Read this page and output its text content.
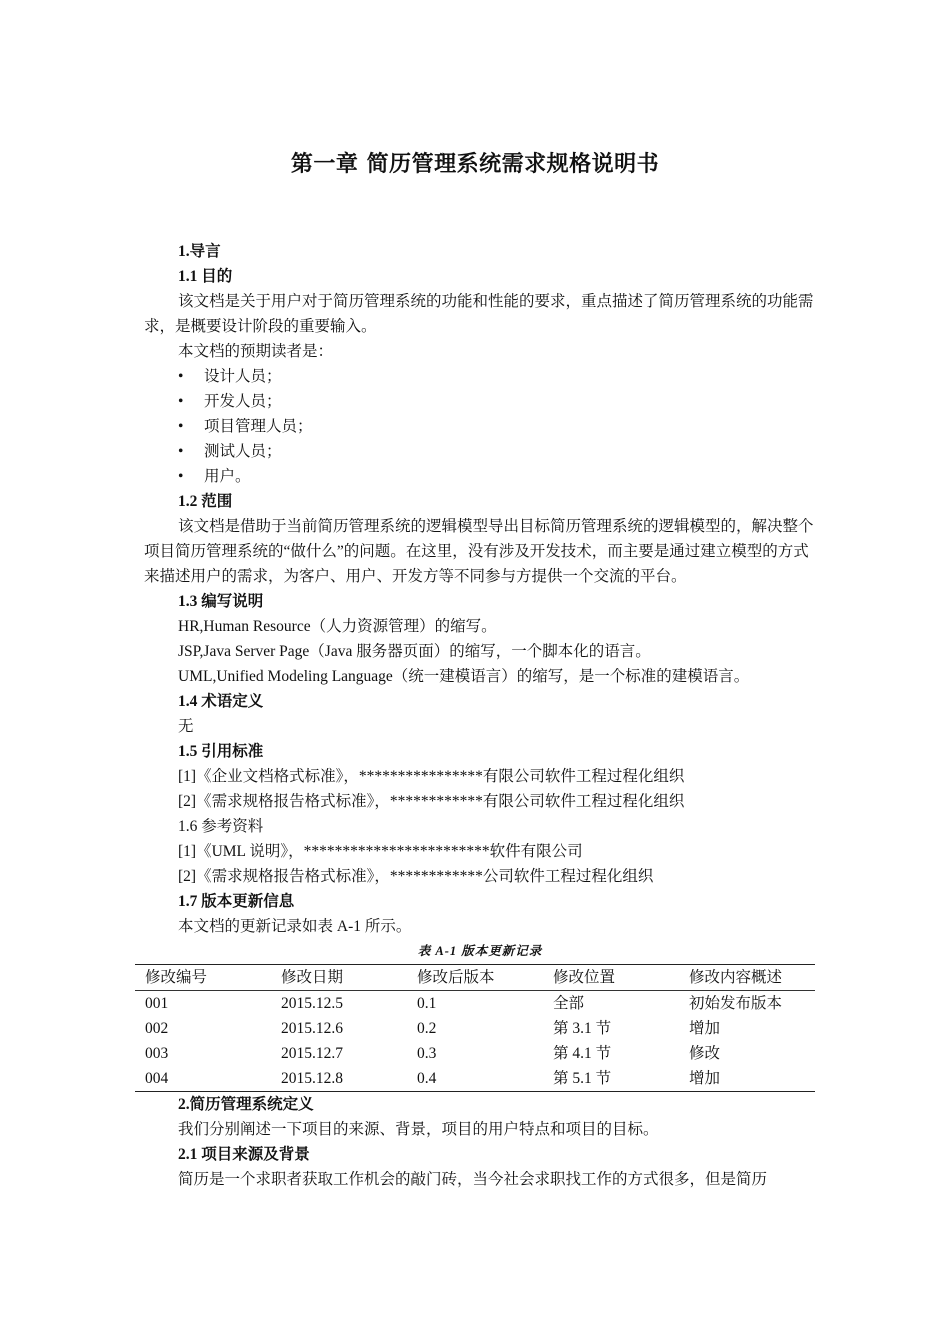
第一章 简历管理系统需求规格说明书
1.导言
1.1 目的
该文档是关于用户对于简历管理系统的功能和性能的要求，重点描述了简历管理系统的功能需求，是概要设计阶段的重要输入。
本文档的预期读者是：
• 设计人员；
• 开发人员；
• 项目管理人员；
• 测试人员；
• 用户。
1.2 范围
该文档是借助于当前简历管理系统的逻辑模型导出目标简历管理系统的逻辑模型的，解决整个项目简历管理系统的“做什么”的问题。在这里，没有涉及开发技术，而主要是通过建立模型的方式来描述用户的需求，为客户、用户、开发方等不同参与方提供一个交流的平台。
1.3 编写说明
HR,Human Resource（人力资源管理）的缩写。
JSP,Java Server Page（Java 服务器页面）的缩写，一个脚本化的语言。
UML,Unified Modeling Language（统一建模语言）的缩写，是一个标准的建模语言。
1.4 术语定义
无
1.5 引用标准
[1]《企业文档格式标准》，****************有限公司软件工程过程化组织
[2]《需求规格报告格式标准》，************有限公司软件工程过程化组织
1.6 参考资料
[1]《UML 说明》，************************软件有限公司
[2]《需求规格报告格式标准》，************公司软件工程过程化组织
1.7 版本更新信息
本文档的更新记录如表 A-1 所示。
表 A-1 版本更新记录
修改编号	修改日期	修改后版本	修改位置	修改内容概述
001	2015.12.5	0.1	全部	初始发布版本
002	2015.12.6	0.2	第 3.1 节	增加
003	2015.12.7	0.3	第 4.1 节	修改
004	2015.12.8	0.4	第 5.1 节	增加
2.简历管理系统定义
我们分别阐述一下项目的来源、背景，项目的用户特点和项目的目标。
2.1 项目来源及背景
简历是一个求职者获取工作机会的敲门砖，当今社会求职找工作的方式很多，但是简历
